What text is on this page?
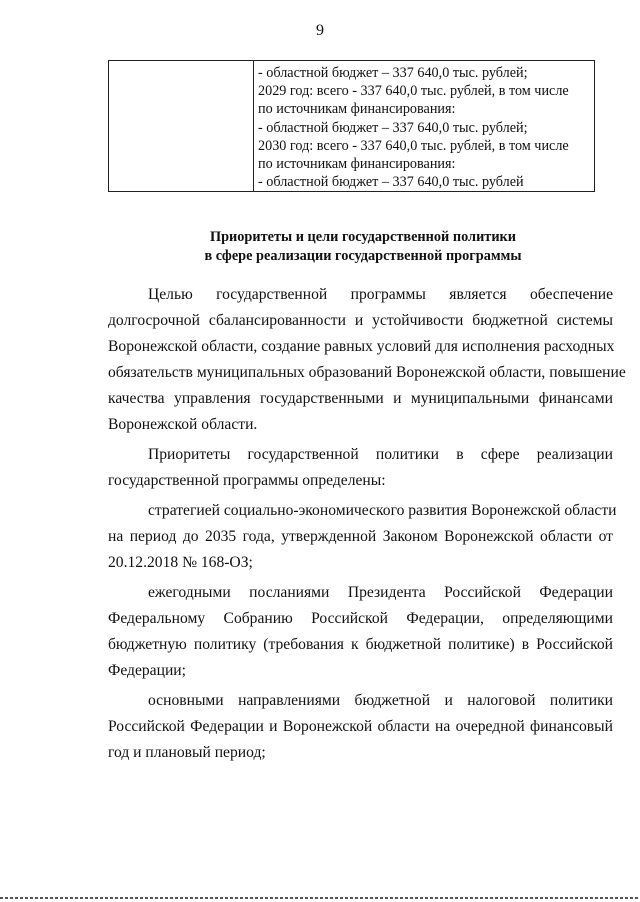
9

- областной бюджет – 337 640,0 тыс. рублей;
2029 год: всего - 337 640,0 тыс. рублей, в том числе
по источникам финансирования:
- областной бюджет – 337 640,0 тыс. рублей;
2030 год: всего - 337 640,0 тыс. рублей, в том числе
по источникам финансирования:
- областной бюджет – 337 640,0 тыс. рублей
Приоритеты и цели государственной политики
в сфере реализации государственной программы
Целью государственной программы является обеспечение
долгосрочной сбалансированности и устойчивости бюджетной системы
Воронежской области, создание равных условий для исполнения расходных
обязательств муниципальных образований Воронежской области, повышение
качества управления государственными и муниципальными финансами
Воронежской области.
Приоритеты государственной политики в сфере реализации
государственной программы определены:
стратегией социально-экономического развития Воронежской области
на период до 2035 года, утвержденной Законом Воронежской области от
20.12.2018 № 168-ОЗ;
ежегодными посланиями Президента Российской Федерации
Федеральному Собранию Российской Федерации, определяющими
бюджетную политику (требования к бюджетной политике) в Российской
Федерации;
основными направлениями бюджетной и налоговой политики
Российской Федерации и Воронежской области на очередной финансовый
год и плановый период;
